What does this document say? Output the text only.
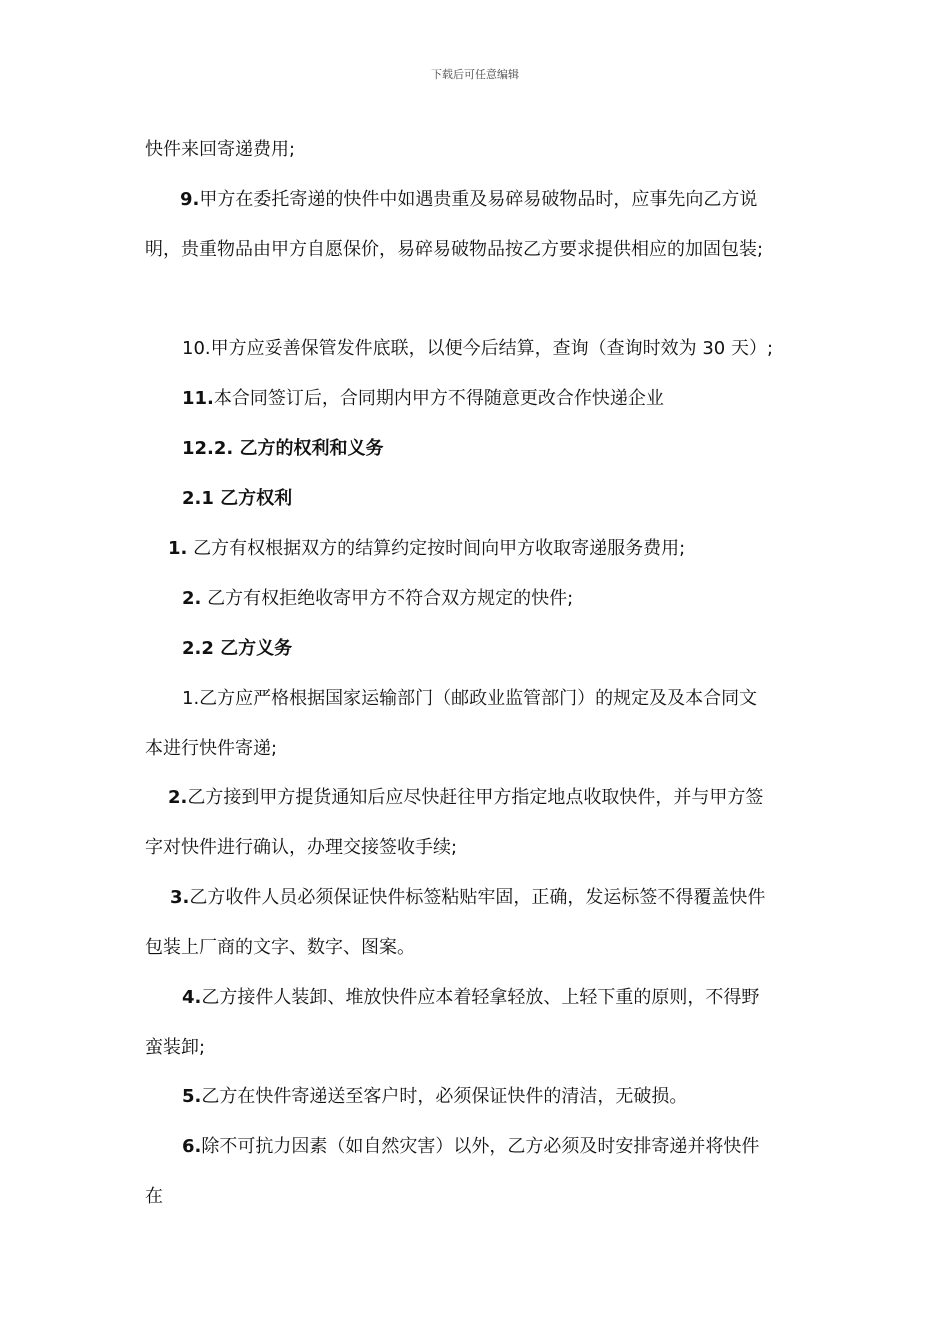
下载后可任意编辑
快件来回寄递费用;
9.甲方在委托寄递的快件中如遇贵重及易碎易破物品时，应事先向乙方说
明，贵重物品由甲方自愿保价，易碎易破物品按乙方要求提供相应的加固包装;
10.甲方应妥善保管发件底联，以便今后结算，查询（查询时效为 30 天）;
11.本合同签订后，合同期内甲方不得随意更改合作快递企业
12.2. 乙方的权利和义务
2.1 乙方权利
1. 乙方有权根据双方的结算约定按时间向甲方收取寄递服务费用;
2. 乙方有权拒绝收寄甲方不符合双方规定的快件;
2.2 乙方义务
1.乙方应严格根据国家运输部门（邮政业监管部门）的规定及及本合同文
本进行快件寄递;
2.乙方接到甲方提货通知后应尽快赶往甲方指定地点收取快件，并与甲方签
字对快件进行确认，办理交接签收手续;
3.乙方收件人员必须保证快件标签粘贴牢固，正确，发运标签不得覆盖快件
包装上厂商的文字、数字、图案。
4.乙方接件人装卸、堆放快件应本着轻拿轻放、上轻下重的原则，不得野
蛮装卸;
5.乙方在快件寄递送至客户时，必须保证快件的清洁，无破损。
6.除不可抗力因素（如自然灾害）以外，乙方必须及时安排寄递并将快件
在
